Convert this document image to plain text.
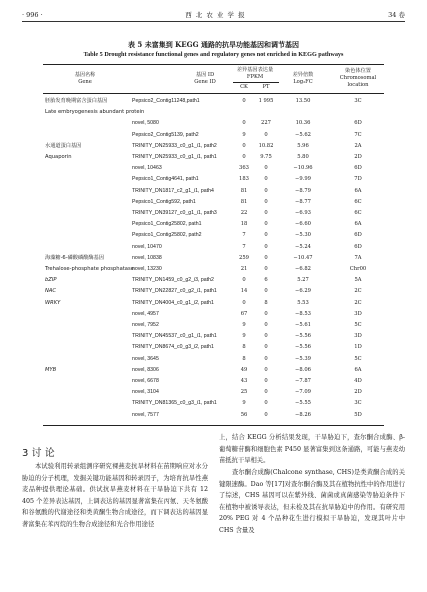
· 996 ·	西 北 农 业 学 报	34 卷
表 5 未富集到 KEGG 通路的抗旱功能基因和调节基因
Table 5 Drought resistance functional genes and regulatory genes not enriched in KEGG pathways
基因名称
Gene
基因 ID
Gene ID
差异基因表达量
FPKM
CK	PT
差异倍数
Log₂FC
染色体位置
Chromosomal
location
胚胎发育晚期富含蛋白基因	Pepsico2_Contig11248,path1	0	1 995	13.50	3C
Late embryogenesis abundant protein
novel, 5080	0	227	10.36	6D
Pepsico2_Contig5139, path2	9	0	−5.62	7C
水通道蛋白基因	TRINITY_DN25933_c0_g1_i1, path2	0	10.82	5.96	2A
Aquaporin	TRINITY_DN25933_c0_g1_i1, path1	0	9.75	5.80	2D
novel, 10463	363	0	−10.96	6D
Pepsico1_Contig4641, path1	183	0	−9.99	7D
TRINITY_DN1817_c2_g1_i1, path4	81	0	−8.79	6A
Pepsico1_Contig592, path1	81	0	−8.77	6C
TRINITY_DN39127_c0_g1_i1, path3	22	0	−6.93	6C
Pepsico1_Contig25802, path1	18	0	−6.60	6A
Pepsico1_Contig25802, path2	7	0	−5.30	6D
novel, 10470	7	0	−5.24	6D
海藻糖-6-磷酸磷酸酶基因	novel, 10838	259	0	−10.47	7A
Trehalose-phosphate phosphatase
novel, 13230	21	0	−6.82	Chr00
bZIP	TRINITY_DN1459_c0_g2_i3, path2	0	6	5.27	5A
NAC	TRINITY_DN22827_c0_g2_i1, path1	14	0	−6.29	2C
WRKY	TRINITY_DN4004_c0_g1_i2, path1	0	8	5.53	2C
novel, 4957	67	0	−8.53	3D
novel, 7952	9	0	−5.61	5C
TRINITY_DN45537_c0_g1_i1, path1	9	0	−5.56	3D
TRINITY_DN8674_c0_g3_i2, path1	8	0	−5.56	1D
novel, 3645	8	0	−5.39	5C
MYB	novel, 8306	49	0	−8.06	6A
novel, 6678	43	0	−7.87	4D
novel, 3104	25	0	−7.09	2D
TRINITY_DN81365_c0_g3_i1, path1	9	0	−5.55	3C
novel, 7577	56	0	−8.26	5D
3 讨 论
本试验利用转录组测序研究裸燕麦抗旱材料在苗期响应对水分胁迫的分子机理，发掘关键功能基因和转录因子，为培育抗旱性燕麦品种提供理论基础。供试抗旱燕麦材料在干旱胁迫下共有 12 405 个差异表达基因，上调表达的基因显著富集在丙氨、天冬氨酸和谷氨酸的代谢途径和类黄酮生物合成途径，而下调表达的基因显著富集在苯丙烷的生物合成途径和光合作用途径
上，结合 KEGG 分析结果发现，干旱胁迫下，查尔酮合成酶、β-葡萄糖苷酶和细胞色素 P450 显著富集到这条通路，可能与燕麦幼苗抵抗干旱相关。
查尔酮合成酶(Chalcone synthase, CHS)是类黄酮合成的关键限速酶。Dao 等[17]对查尔酮合酶及其在植物抗性中的作用进行了综述，CHS 基因可以在紫外线、菌菌或真菌感染等胁迫条件下在植物中被诱导表达，但未检及其在抗旱胁迫中的作用。有研究用 20% PEG 对 4 个品种花生进行模拟干旱胁迫，发现其叶片中 CHS 含量及
